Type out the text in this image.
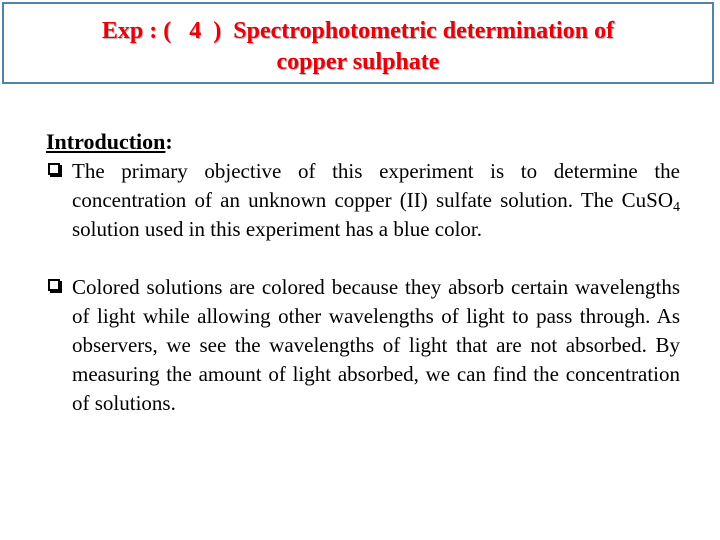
Exp : (   4  )  Spectrophotometric determination of
copper sulphate

Introduction:

The primary objective of this experiment is to determine the concentration of an unknown copper (II) sulfate solution. The CuSO$_4$ solution used in this experiment has a blue color.

Colored solutions are colored because they absorb certain wavelengths of light while allowing other wavelengths of light to pass through. As observers, we see the wavelengths of light that are not absorbed. By measuring the amount of light absorbed, we can find the concentration of solutions.
